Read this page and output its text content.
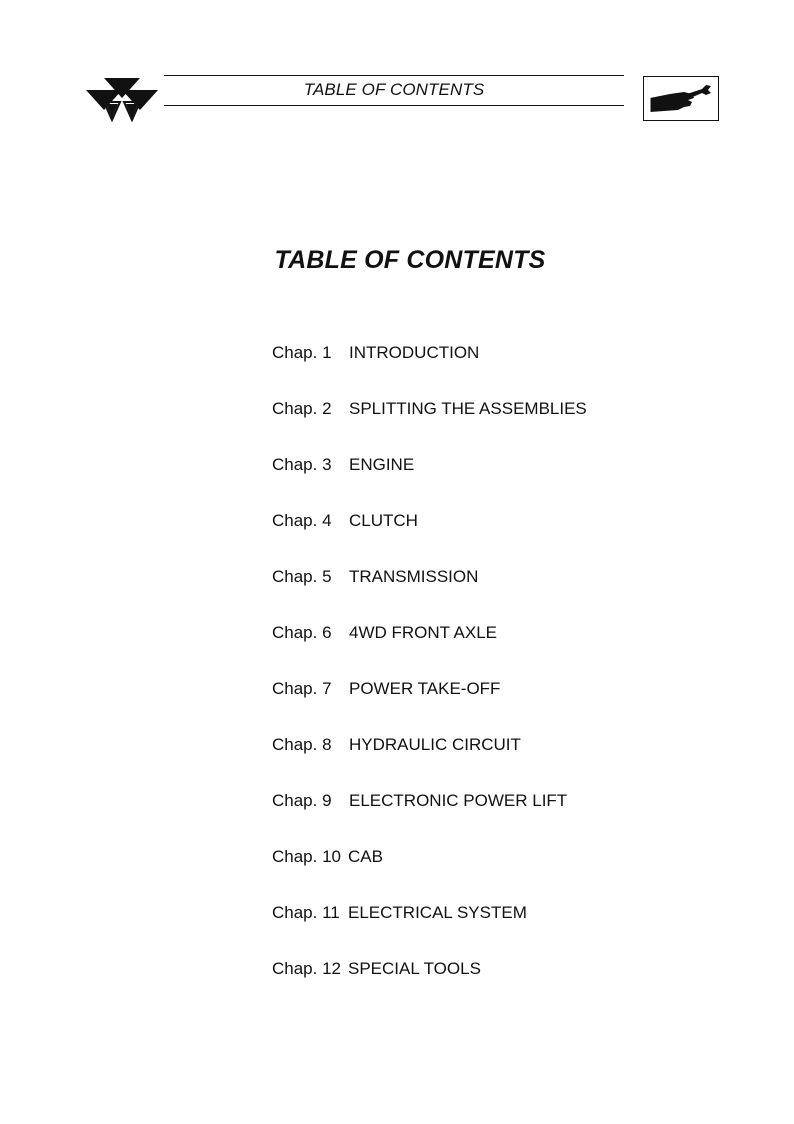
TABLE OF CONTENTS
TABLE OF CONTENTS
Chap. 1	INTRODUCTION
Chap. 2	SPLITTING THE ASSEMBLIES
Chap. 3	ENGINE
Chap. 4	CLUTCH
Chap. 5	TRANSMISSION
Chap. 6	4WD FRONT AXLE
Chap. 7	POWER TAKE-OFF
Chap. 8	HYDRAULIC CIRCUIT
Chap. 9	ELECTRONIC POWER LIFT
Chap. 10 CAB
Chap. 11 ELECTRICAL SYSTEM
Chap. 12 SPECIAL TOOLS
